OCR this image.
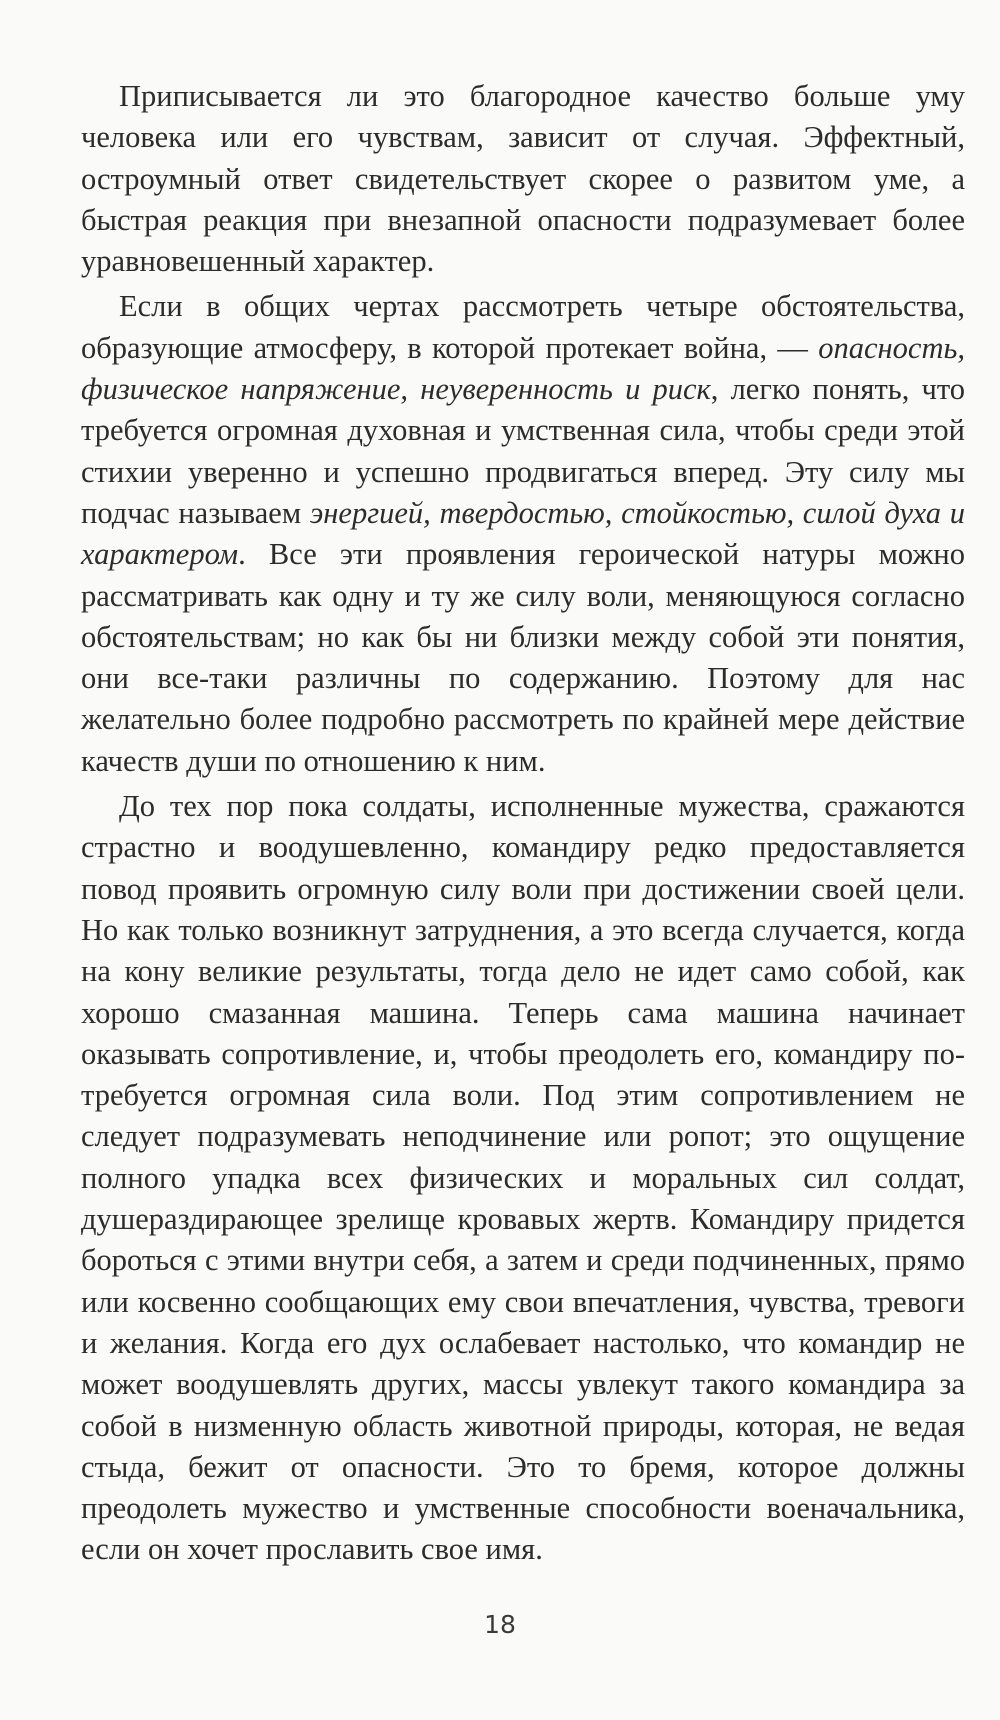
Приписывается ли это благородное качество больше уму человека или его чувствам, зависит от случая. Эффектный, остроумный ответ свидетельствует скорее о развитом уме, а быстрая реакция при внезапной опасности подразумевает более уравновешенный характер.

Если в общих чертах рассмотреть четыре обстоятельства, образующие атмосферу, в которой протекает война, — опасность, физическое напряжение, неуверенность и риск, легко понять, что требуется огромная духовная и умственная сила, чтобы среди этой стихии уверенно и успешно продвигаться вперед. Эту силу мы подчас называем энергией, твердостью, стойкостью, силой духа и характером. Все эти проявления героической натуры можно рассматривать как одну и ту же силу воли, меняющуюся согласно обстоятельствам; но как бы ни близки между собой эти понятия, они все-таки различны по содержанию. Поэтому для нас желательно более подробно рассмотреть по крайней мере действие качеств души по отношению к ним.

До тех пор пока солдаты, исполненные мужества, сражаются страстно и воодушевленно, командиру редко предоставляется повод проявить огромную силу воли при достижении своей цели. Но как только возникнут затруднения, а это всегда случается, когда на кону великие результаты, тогда дело не идет само собой, как хорошо смазанная машина. Теперь сама машина начинает оказывать сопротивление, и, чтобы преодолеть его, командиру потребуется огромная сила воли. Под этим сопротивлением не следует подразумевать неподчинение или ропот; это ощущение полного упадка всех физических и моральных сил солдат, душераздирающее зрелище кровавых жертв. Командиру придется бороться с этими внутри себя, а затем и среди подчиненных, прямо или косвенно сообщающих ему свои впечатления, чувства, тревоги и желания. Когда его дух ослабевает настолько, что командир не может воодушевлять других, массы увлекут такого командира за собой в низменную область животной природы, которая, не ведая стыда, бежит от опасности. Это то бремя, которое должны преодолеть мужество и умственные способности военачальника, если он хочет прославить свое имя.

18
